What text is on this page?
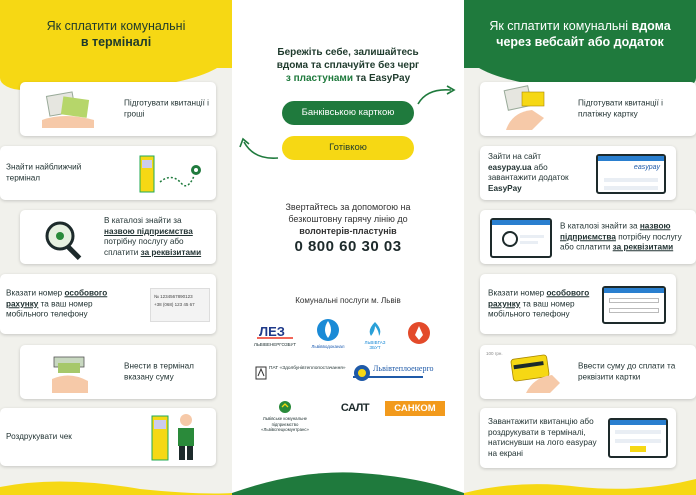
Як сплатити комунальні
в терміналі
Як сплатити комунальні вдома
через вебсайт або додаток
Бережіть себе, залишайтесь
вдома та сплачуйте без черг
з пластунами та EasyPay
Банківською карткою
Готівкою
Звертайтесь за допомогою на
безкоштовну гарячу лінію до
волонтерів-пластунів
0 800 60 30 03
Комунальні послуги м. Львів
ЛЕЗ
ЛЬВІВЕНЕРГОЗБУТ	Львівводоканал
ЛЬВІВГАЗ ЗБУТ
ПАТ «Здолбунівтеплопостачання»	Львівтеплоенерго
Львівське комунальне підприємство «Львівспецкомунтранс»
САЛТ	САНКОМ
Підготувати квитанції і гроші
Знайти найближчий термінал
В каталозі знайти за назвою підприємства потрібну послугу або сплатити за реквізитами
Вказати номер особового рахунку та ваш номер мобільного телефону
№ 1234567890123
+38 (068) 123 45 67
Внести в термінал вказану суму
Роздрукувати чек
Підготувати квитанції і платіжну картку
Зайти на сайт easypay.ua або завантажити додаток EasyPay
easypay
В каталозі знайти за назвою підприємства потрібну послугу або сплатити за реквізитами
Вказати номер особового рахунку та ваш номер мобільного телефону
Ввести суму до сплати та реквізити картки
100 грн.
Завантажити квитанцію або роздрукувати в терміналі, натиснувши на лого easypay на екрані
